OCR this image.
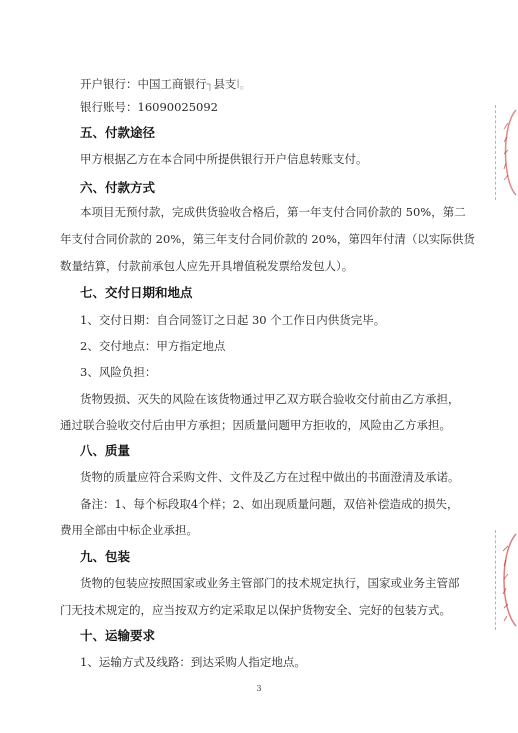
开户银行：中国工商银行┐县支ا。
银行账号：16090025092
五、付款途径
甲方根据乙方在本合同中所提供银行开户信息转账支付。
六、付款方式
本项目无预付款，完成供货验收合格后，第一年支付合同价款的 50%，第二
年支付合同价款的 20%，第三年支付合同价款的 20%，第四年付清（以实际供货
数量结算，付款前承包人应先开具增值税发票给发包人）。
七、交付日期和地点
1、交付日期：自合同签订之日起 30 个工作日内供货完毕。
2、交付地点：甲方指定地点
3、风险负担：
货物毁损、灭失的风险在该货物通过甲乙双方联合验收交付前由乙方承担，
通过联合验收交付后由甲方承担；因质量问题甲方拒收的，风险由乙方承担。
八、质量
货物的质量应符合采购文件、文件及乙方在过程中做出的书面澄清及承诺。
备注：1、每个标段取4个样；2、如出现质量问题，双倍补偿造成的损失，
费用全部由中标企业承担。
九、包装
货物的包装应按照国家或业务主管部门的技术规定执行，国家或业务主管部
门无技术规定的，应当按双方约定采取足以保护货物安全、完好的包装方式。
十、运输要求
1、运输方式及线路：到达采购人指定地点。
3
